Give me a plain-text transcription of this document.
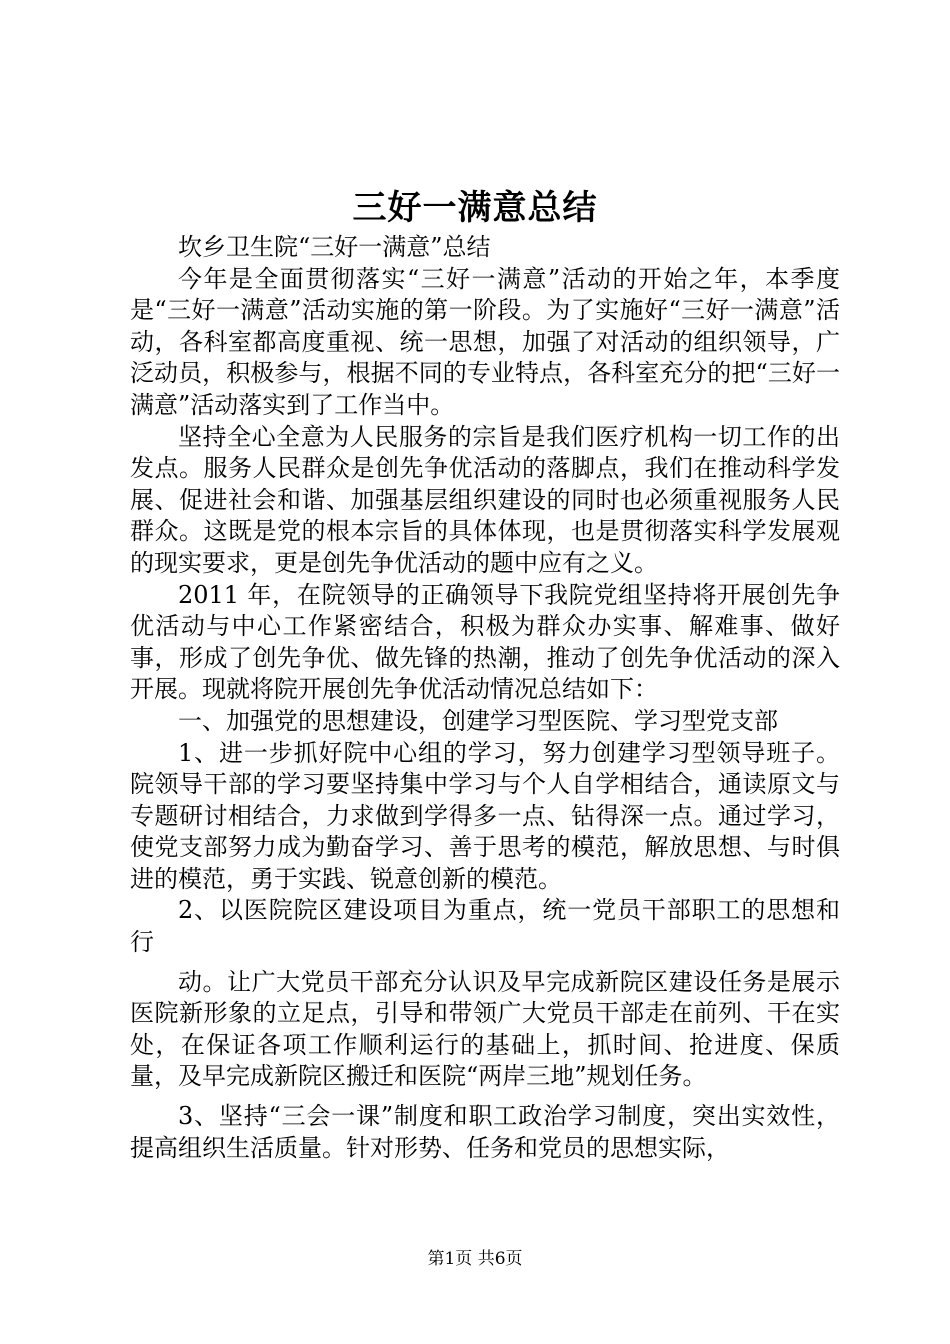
三好一满意总结

坎乡卫生院“三好一满意”总结

今年是全面贯彻落实“三好一满意”活动的开始之年，本季度是“三好一满意”活动实施的第一阶段。为了实施好“三好一满意”活动，各科室都高度重视、统一思想，加强了对活动的组织领导，广泛动员，积极参与，根据不同的专业特点，各科室充分的把“三好一满意”活动落实到了工作当中。

坚持全心全意为人民服务的宗旨是我们医疗机构一切工作的出发点。服务人民群众是创先争优活动的落脚点，我们在推动科学发展、促进社会和谐、加强基层组织建设的同时也必须重视服务人民群众。这既是党的根本宗旨的具体体现，也是贯彻落实科学发展观的现实要求，更是创先争优活动的题中应有之义。

2011 年，在院领导的正确领导下我院党组坚持将开展创先争优活动与中心工作紧密结合，积极为群众办实事、解难事、做好事，形成了创先争优、做先锋的热潮，推动了创先争优活动的深入开展。现就将院开展创先争优活动情况总结如下：

一、加强党的思想建设，创建学习型医院、学习型党支部

1、进一步抓好院中心组的学习，努力创建学习型领导班子。院领导干部的学习要坚持集中学习与个人自学相结合，通读原文与专题研讨相结合，力求做到学得多一点、钻得深一点。通过学习，使党支部努力成为勤奋学习、善于思考的模范，解放思想、与时俱进的模范，勇于实践、锐意创新的模范。

2、以医院院区建设项目为重点，统一党员干部职工的思想和行

动。让广大党员干部充分认识及早完成新院区建设任务是展示医院新形象的立足点，引导和带领广大党员干部走在前列、干在实处，在保证各项工作顺利运行的基础上，抓时间、抢进度、保质量，及早完成新院区搬迁和医院“两岸三地”规划任务。

3、坚持“三会一课”制度和职工政治学习制度，突出实效性，提高组织生活质量。针对形势、任务和党员的思想实际，

第1页 共6页
